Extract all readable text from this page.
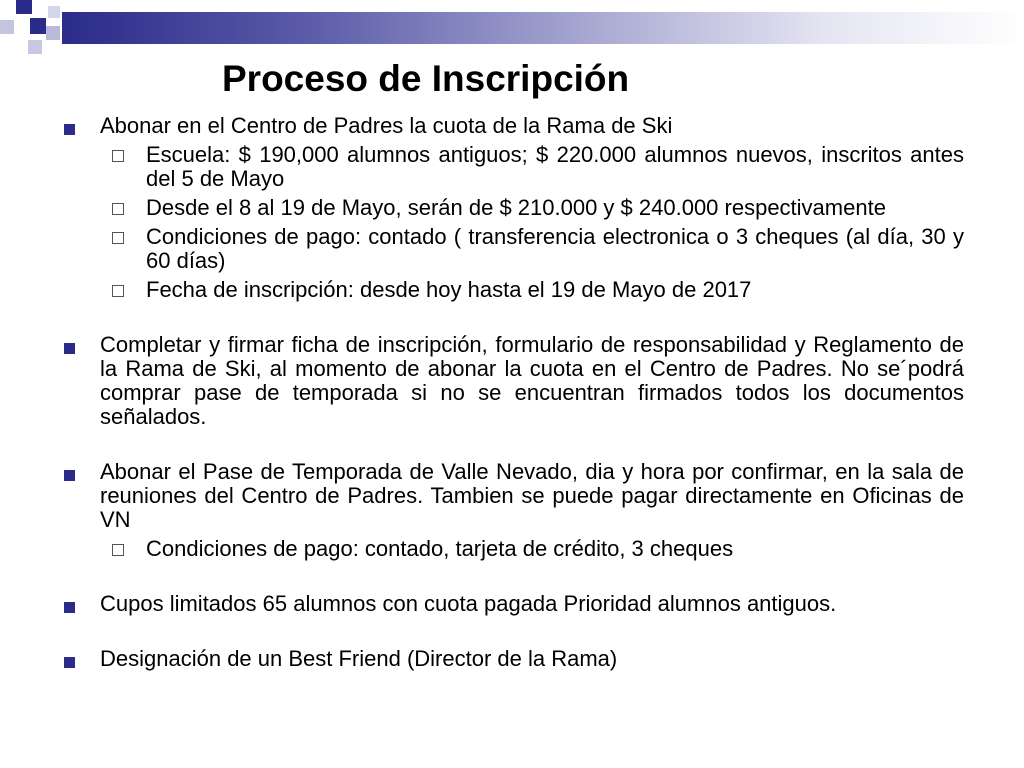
Proceso de Inscripción
Abonar en el Centro de Padres la cuota de la Rama de Ski
Escuela: $ 190,000 alumnos antiguos; $ 220.000 alumnos nuevos, inscritos antes del 5 de Mayo
Desde el 8 al 19 de Mayo, serán de $ 210.000 y $ 240.000 respectivamente
Condiciones de pago: contado ( transferencia electronica o 3 cheques (al día, 30 y 60 días)
Fecha de inscripción: desde hoy hasta el 19 de Mayo de 2017
Completar y firmar ficha de inscripción, formulario de responsabilidad y Reglamento de la Rama de Ski, al momento de abonar la cuota en el Centro de Padres. No se´podrá comprar pase de temporada si no se encuentran firmados todos los documentos señalados.
Abonar el Pase de Temporada de Valle Nevado, dia y hora por confirmar, en la sala de reuniones del Centro de Padres. Tambien se puede pagar directamente en Oficinas de VN
Condiciones de pago: contado, tarjeta de crédito, 3 cheques
Cupos limitados 65 alumnos con cuota pagada Prioridad alumnos antiguos.
Designación de un Best Friend (Director de la Rama)
